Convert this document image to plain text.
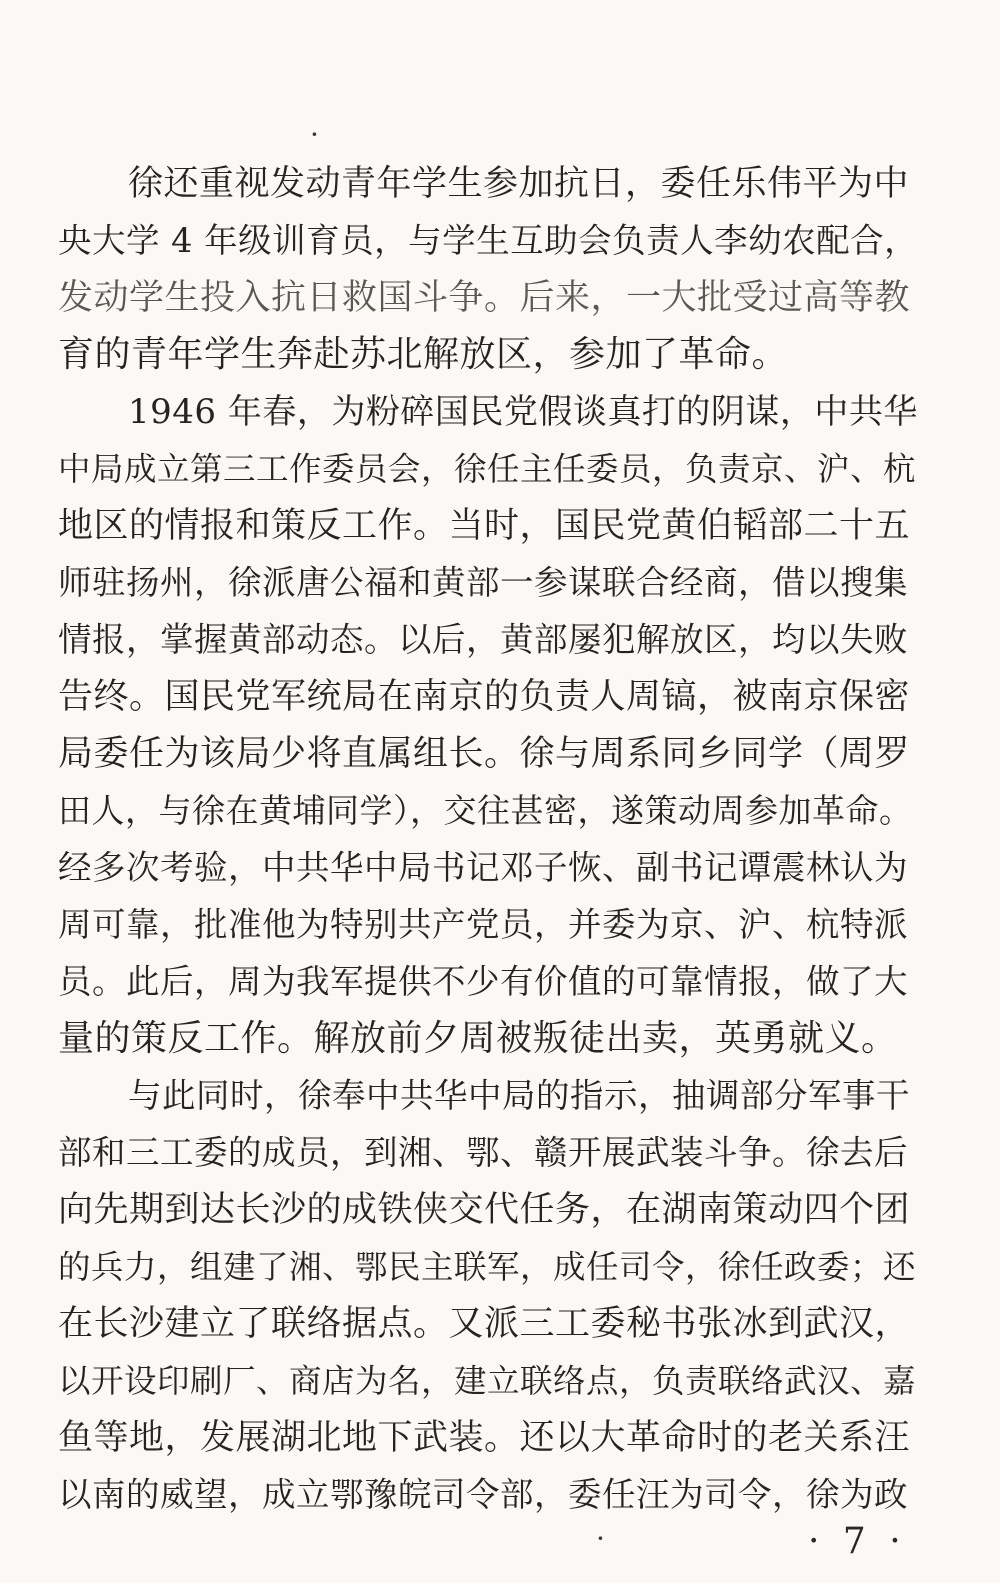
·
徐还重视发动青年学生参加抗日，委任乐伟平为中
央大学 4 年级训育员，与学生互助会负责人李幼农配合，
发动学生投入抗日救国斗争。后来，一大批受过高等教
育的青年学生奔赴苏北解放区，参加了革命。
1946 年春，为粉碎国民党假谈真打的阴谋，中共华
中局成立第三工作委员会，徐任主任委员，负责京、沪、杭
地区的情报和策反工作。当时，国民党黄伯韬部二十五
师驻扬州，徐派唐公福和黄部一参谋联合经商，借以搜集
情报，掌握黄部动态。以后，黄部屡犯解放区，均以失败
告终。国民党军统局在南京的负责人周镐，被南京保密
局委任为该局少将直属组长。徐与周系同乡同学（周罗
田人，与徐在黄埔同学），交往甚密，遂策动周参加革命。
经多次考验，中共华中局书记邓子恢、副书记谭震林认为
周可靠，批准他为特别共产党员，并委为京、沪、杭特派
员。此后，周为我军提供不少有价值的可靠情报，做了大
量的策反工作。解放前夕周被叛徒出卖，英勇就义。
与此同时，徐奉中共华中局的指示，抽调部分军事干
部和三工委的成员，到湘、鄂、赣开展武装斗争。徐去后
向先期到达长沙的成铁侠交代任务，在湖南策动四个团
的兵力，组建了湘、鄂民主联军，成任司令，徐任政委；还
在长沙建立了联络据点。又派三工委秘书张冰到武汉，
以开设印刷厂、商店为名，建立联络点，负责联络武汉、嘉
鱼等地，发展湖北地下武装。还以大革命时的老关系汪
以南的威望，成立鄂豫皖司令部，委任汪为司令，徐为政
·	· 7 ·
